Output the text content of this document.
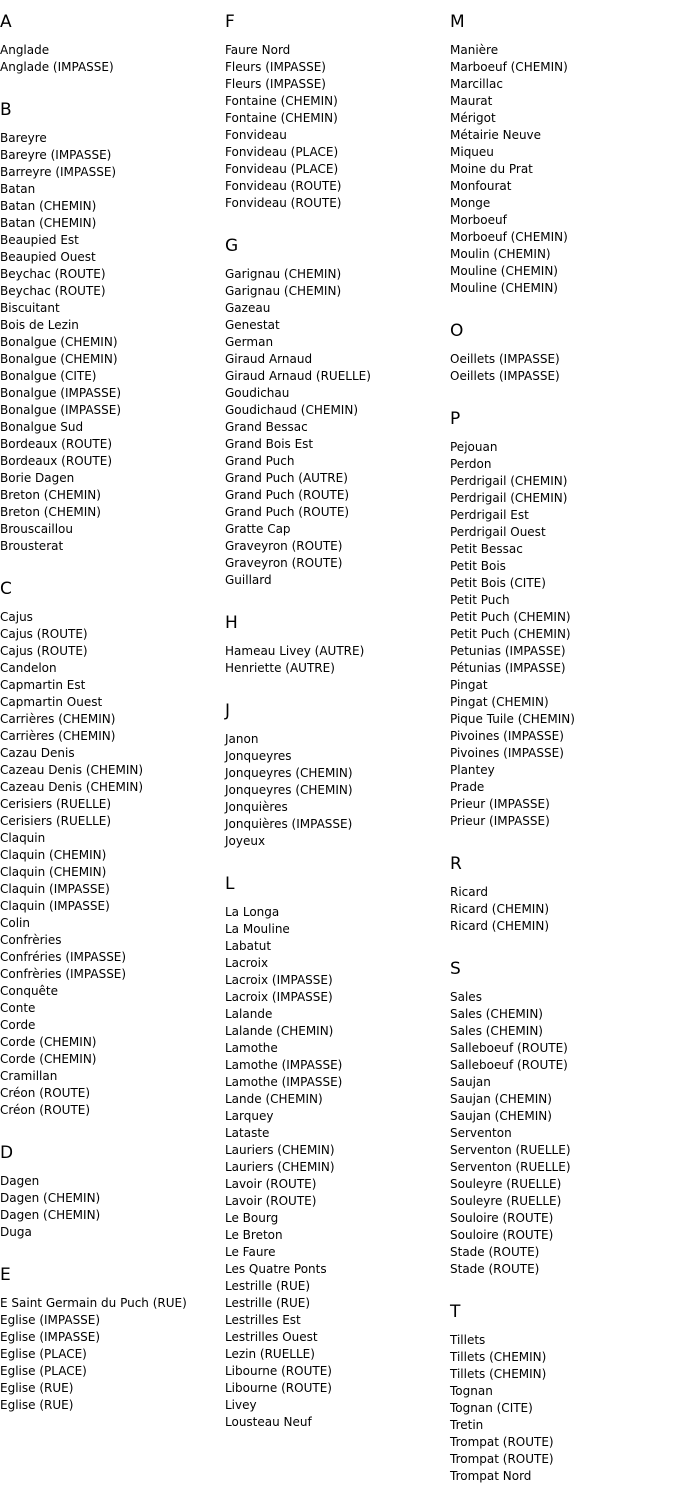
A
Anglade
Anglade (IMPASSE)
B
Bareyre
Bareyre (IMPASSE)
Barreyre (IMPASSE)
Batan
Batan (CHEMIN)
Batan (CHEMIN)
Beaupied Est
Beaupied Ouest
Beychac (ROUTE)
Beychac (ROUTE)
Biscuitant
Bois de Lezin
Bonalgue (CHEMIN)
Bonalgue (CHEMIN)
Bonalgue (CITE)
Bonalgue (IMPASSE)
Bonalgue (IMPASSE)
Bonalgue Sud
Bordeaux (ROUTE)
Bordeaux (ROUTE)
Borie Dagen
Breton (CHEMIN)
Breton (CHEMIN)
Brouscaillou
Brousterat
C
Cajus
Cajus (ROUTE)
Cajus (ROUTE)
Candelon
Capmartin Est
Capmartin Ouest
Carrières (CHEMIN)
Carrières (CHEMIN)
Cazau Denis
Cazeau Denis (CHEMIN)
Cazeau Denis (CHEMIN)
Cerisiers (RUELLE)
Cerisiers (RUELLE)
Claquin
Claquin (CHEMIN)
Claquin (CHEMIN)
Claquin (IMPASSE)
Claquin (IMPASSE)
Colin
Confrèries
Confréries (IMPASSE)
Confrèries (IMPASSE)
Conquête
Conte
Corde
Corde (CHEMIN)
Corde (CHEMIN)
Cramillan
Créon (ROUTE)
Créon (ROUTE)
D
Dagen
Dagen (CHEMIN)
Dagen (CHEMIN)
Duga
E
E Saint Germain du Puch (RUE)
Eglise (IMPASSE)
Eglise (IMPASSE)
Eglise (PLACE)
Eglise (PLACE)
Eglise (RUE)
Eglise (RUE)
F
Faure Nord
Fleurs (IMPASSE)
Fleurs (IMPASSE)
Fontaine (CHEMIN)
Fontaine (CHEMIN)
Fonvideau
Fonvideau (PLACE)
Fonvideau (PLACE)
Fonvideau (ROUTE)
Fonvideau (ROUTE)
G
Garignau (CHEMIN)
Garignau (CHEMIN)
Gazeau
Genestat
German
Giraud Arnaud
Giraud Arnaud (RUELLE)
Goudichau
Goudichaud (CHEMIN)
Grand Bessac
Grand Bois Est
Grand Puch
Grand Puch (AUTRE)
Grand Puch (ROUTE)
Grand Puch (ROUTE)
Gratte Cap
Graveyron (ROUTE)
Graveyron (ROUTE)
Guillard
H
Hameau Livey (AUTRE)
Henriette (AUTRE)
J
Janon
Jonqueyres
Jonqueyres (CHEMIN)
Jonqueyres (CHEMIN)
Jonquières
Jonquières (IMPASSE)
Joyeux
L
La Longa
La Mouline
Labatut
Lacroix
Lacroix (IMPASSE)
Lacroix (IMPASSE)
Lalande
Lalande (CHEMIN)
Lamothe
Lamothe (IMPASSE)
Lamothe (IMPASSE)
Lande (CHEMIN)
Larquey
Lataste
Lauriers (CHEMIN)
Lauriers (CHEMIN)
Lavoir (ROUTE)
Lavoir (ROUTE)
Le Bourg
Le Breton
Le Faure
Les Quatre Ponts
Lestrille (RUE)
Lestrille (RUE)
Lestrilles Est
Lestrilles Ouest
Lezin (RUELLE)
Libourne (ROUTE)
Libourne (ROUTE)
Livey
Lousteau Neuf
M
Manière
Marboeuf (CHEMIN)
Marcillac
Maurat
Mérigot
Métairie Neuve
Miqueu
Moine du Prat
Monfourat
Monge
Morboeuf
Morboeuf (CHEMIN)
Moulin (CHEMIN)
Mouline (CHEMIN)
Mouline (CHEMIN)
O
Oeillets (IMPASSE)
Oeillets (IMPASSE)
P
Pejouan
Perdon
Perdrigail (CHEMIN)
Perdrigail (CHEMIN)
Perdrigail Est
Perdrigail Ouest
Petit Bessac
Petit Bois
Petit Bois (CITE)
Petit Puch
Petit Puch (CHEMIN)
Petit Puch (CHEMIN)
Petunias (IMPASSE)
Pétunias (IMPASSE)
Pingat
Pingat (CHEMIN)
Pique Tuile (CHEMIN)
Pivoines (IMPASSE)
Pivoines (IMPASSE)
Plantey
Prade
Prieur (IMPASSE)
Prieur (IMPASSE)
R
Ricard
Ricard (CHEMIN)
Ricard (CHEMIN)
S
Sales
Sales (CHEMIN)
Sales (CHEMIN)
Salleboeuf (ROUTE)
Salleboeuf (ROUTE)
Saujan
Saujan (CHEMIN)
Saujan (CHEMIN)
Serventon
Serventon (RUELLE)
Serventon (RUELLE)
Souleyre (RUELLE)
Souleyre (RUELLE)
Souloire (ROUTE)
Souloire (ROUTE)
Stade (ROUTE)
Stade (ROUTE)
T
Tillets
Tillets (CHEMIN)
Tillets (CHEMIN)
Tognan
Tognan (CITE)
Tretin
Trompat (ROUTE)
Trompat (ROUTE)
Trompat Nord
